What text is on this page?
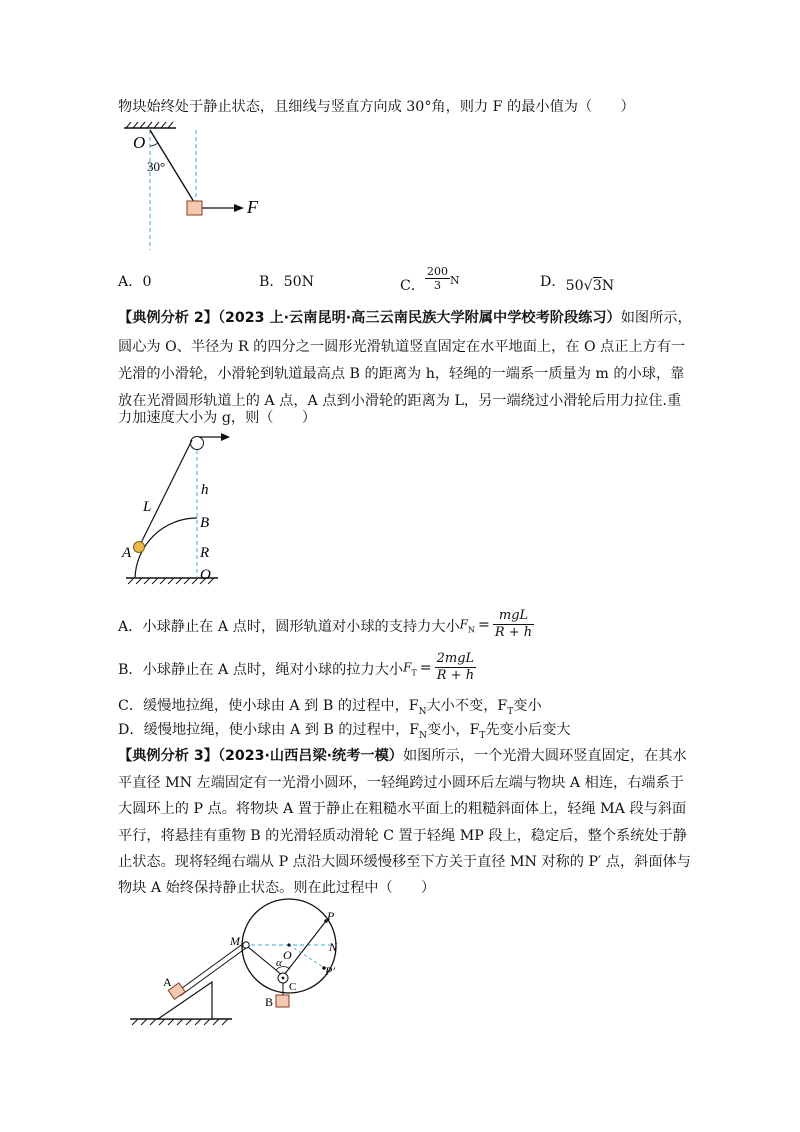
物块始终处于静止状态，且细线与竖直方向成 30°角，则力 F 的最小值为（　　）
O
30°
F
A．0	B．50N	C． $\frac{200}{3}$ N	D．50√3N
【典例分析 2】（2023 上·云南昆明·高三云南民族大学附属中学校考阶段练习）如图所示，
圆心为 O、半径为 R 的四分之一圆形光滑轨道竖直固定在水平地面上，在 O 点正上方有一
光滑的小滑轮，小滑轮到轨道最高点 B 的距离为 h，轻绳的一端系一质量为 m 的小球，靠
放在光滑圆形轨道上的 A 点，A 点到小滑轮的距离为 L，另一端绕过小滑轮后用力拉住.重
力加速度大小为 g，则（　　）
h
L
B
A	R
O
A．小球静止在 A 点时，圆形轨道对小球的支持力大小$F_N = \frac{\text{mgL}}{R + h}$
B．小球静止在 A 点时，绳对小球的拉力大小$F_T = \frac{\text{2mgL}}{R + h}$
C．缓慢地拉绳，使小球由 A 到 B 的过程中，$F_N$大小不变，$F_T$变小
D．缓慢地拉绳，使小球由 A 到 B 的过程中，$F_N$变小，$F_T$先变小后变大
【典例分析 3】（2023·山西吕梁·统考一模）如图所示，一个光滑大圆环竖直固定，在其水
平直径 MN 左端固定有一光滑小圆环，一轻绳跨过小圆环后左端与物块 A 相连，右端系于
大圆环上的 P 点。将物块 A 置于静止在粗糙水平面上的粗糙斜面体上，轻绳 MA 段与斜面
平行，将悬挂有重物 B 的光滑轻质动滑轮 C 置于轻绳 MP 段上，稳定后，整个系统处于静
止状态。现将轻绳右端从 P 点沿大圆环缓慢移至下方关于直径 MN 对称的 P′ 点，斜面体与
物块 A 始终保持静止状态。则在此过程中（　　）
M
O
N
P
P′
α
C
A
B
